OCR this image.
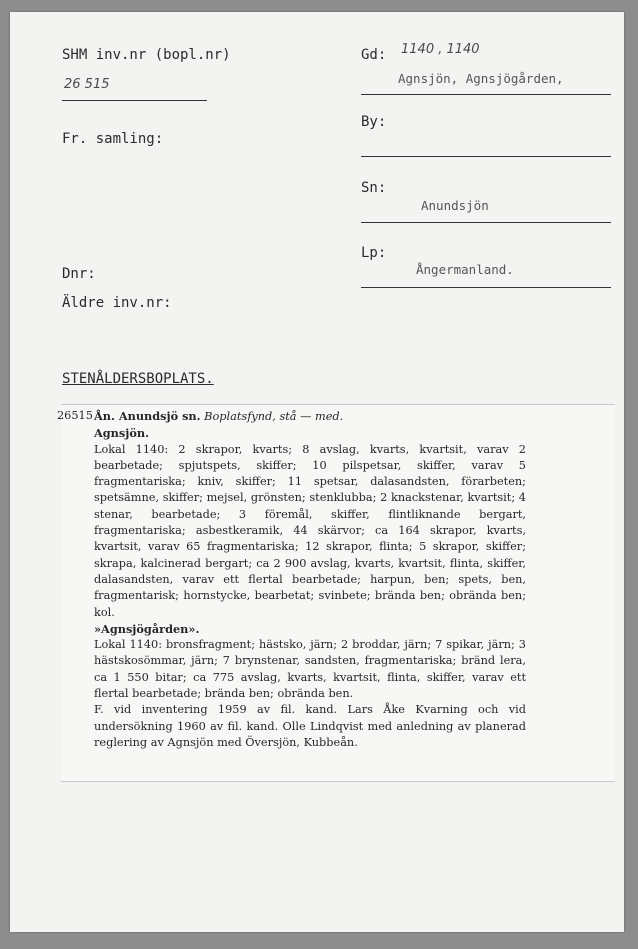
SHM inv.nr (bopl.nr)
26 515
Fr. samling:
Dnr:
Äldre inv.nr:
Gd: 1140 , 1140
Agnsjön, Agnsjögården,
By:
Sn:
Anundsjön
Lp:
Ångermanland.
STENÅLDERSBOPLATS.
26515 Ån. Anundsjö sn. Boplatsfynd, stå — med.

Agnsjön.

Lokal 1140: 2 skrapor, kvarts; 8 avslag, kvarts, kvartsit, varav 2 bearbetade; spjutspets, skiffer; 10 pilspetsar, skiffer, varav 5 fragmentariska; kniv, skiffer; 11 spetsar, dalasandsten, förarbeten; spetsämne, skiffer; mejsel, grönsten; stenklubba; 2 knackstenar, kvartsit; 4 stenar, bearbetade; 3 föremål, skiffer, flintliknande bergart, fragmentariska; asbestkeramik, 44 skärvor; ca 164 skrapor, kvarts, kvartsit, varav 65 fragmentariska; 12 skrapor, flinta; 5 skrapor, skiffer; skrapa, kalcinerad bergart; ca 2 900 avslag, kvarts, kvartsit, flinta, skiffer, dalasandsten, varav ett flertal bearbetade; harpun, ben; spets, ben, fragmentarisk; hornstycke, bearbetat; svinbete; brända ben; obrända ben; kol.

»Agnsjögården».

Lokal 1140: bronsfragment; hästsko, järn; 2 broddar, järn; 7 spikar, järn; 3 hästskosömmar, järn; 7 brynstenar, sandsten, fragmentariska; bränd lera, ca 1 550 bitar; ca 775 avslag, kvarts, kvartsit, flinta, skiffer, varav ett flertal bearbetade; brända ben; obrända ben.

F. vid inventering 1959 av fil. kand. Lars Åke Kvarning och vid undersökning 1960 av fil. kand. Olle Lindqvist med anledning av planerad reglering av Agnsjön med Översjön, Kubbeån.
